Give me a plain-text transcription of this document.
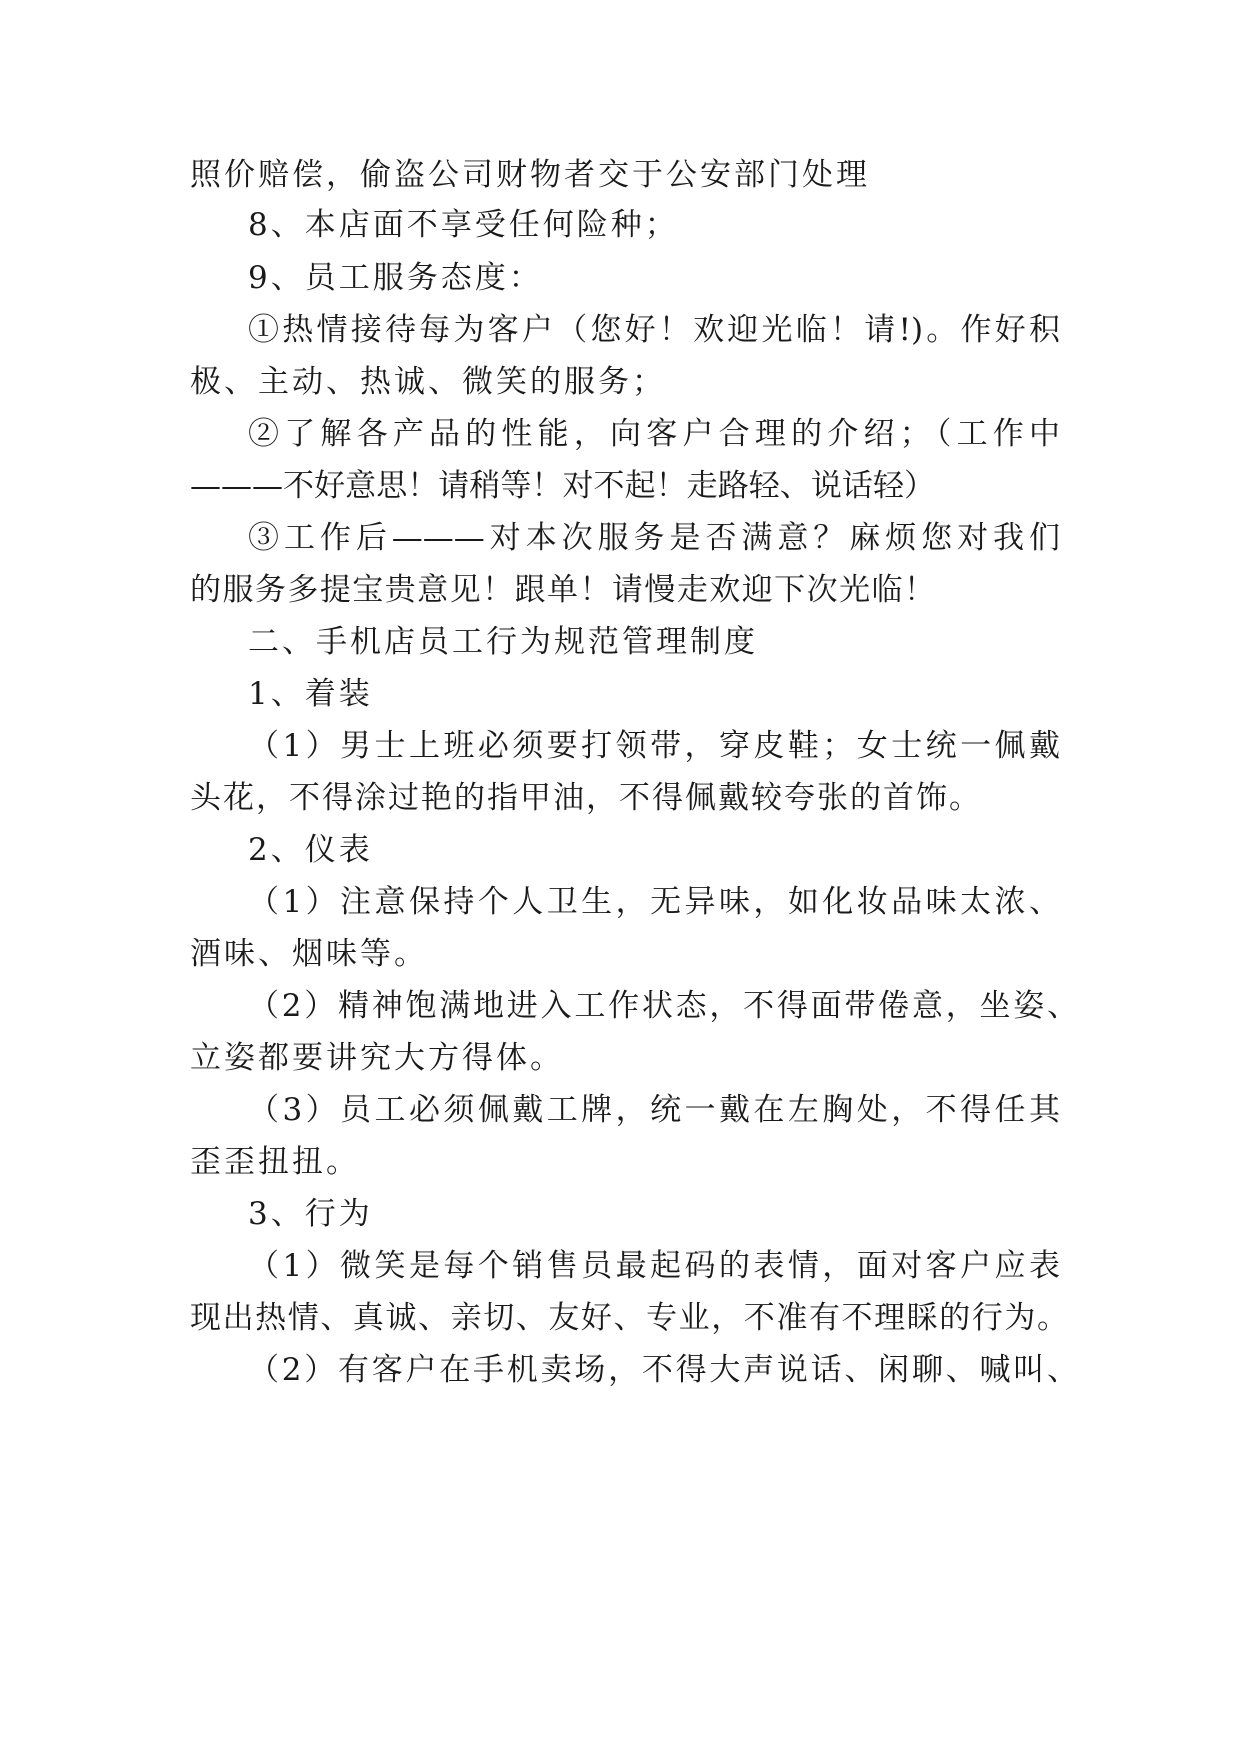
照价赔偿，偷盗公司财物者交于公安部门处理
8、本店面不享受任何险种；
9、员工服务态度：
①热情接待每为客户（您好！欢迎光临！请!)。作好积
极、主动、热诚、微笑的服务；
②了解各产品的性能，向客户合理的介绍；（工作中
———不好意思！请稍等！对不起！走路轻、说话轻）
③工作后———对本次服务是否满意？麻烦您对我们
的服务多提宝贵意见！跟单！请慢走欢迎下次光临！
二、手机店员工行为规范管理制度
1、着装
（1）男士上班必须要打领带，穿皮鞋；女士统一佩戴
头花，不得涂过艳的指甲油，不得佩戴较夸张的首饰。
2、仪表
（1）注意保持个人卫生，无异味，如化妆品味太浓、
酒味、烟味等。
（2）精神饱满地进入工作状态，不得面带倦意，坐姿、
立姿都要讲究大方得体。
（3）员工必须佩戴工牌，统一戴在左胸处，不得任其
歪歪扭扭。
3、行为
（1）微笑是每个销售员最起码的表情，面对客户应表
现出热情、真诚、亲切、友好、专业，不准有不理睬的行为。
（2）有客户在手机卖场，不得大声说话、闲聊、喊叫、
